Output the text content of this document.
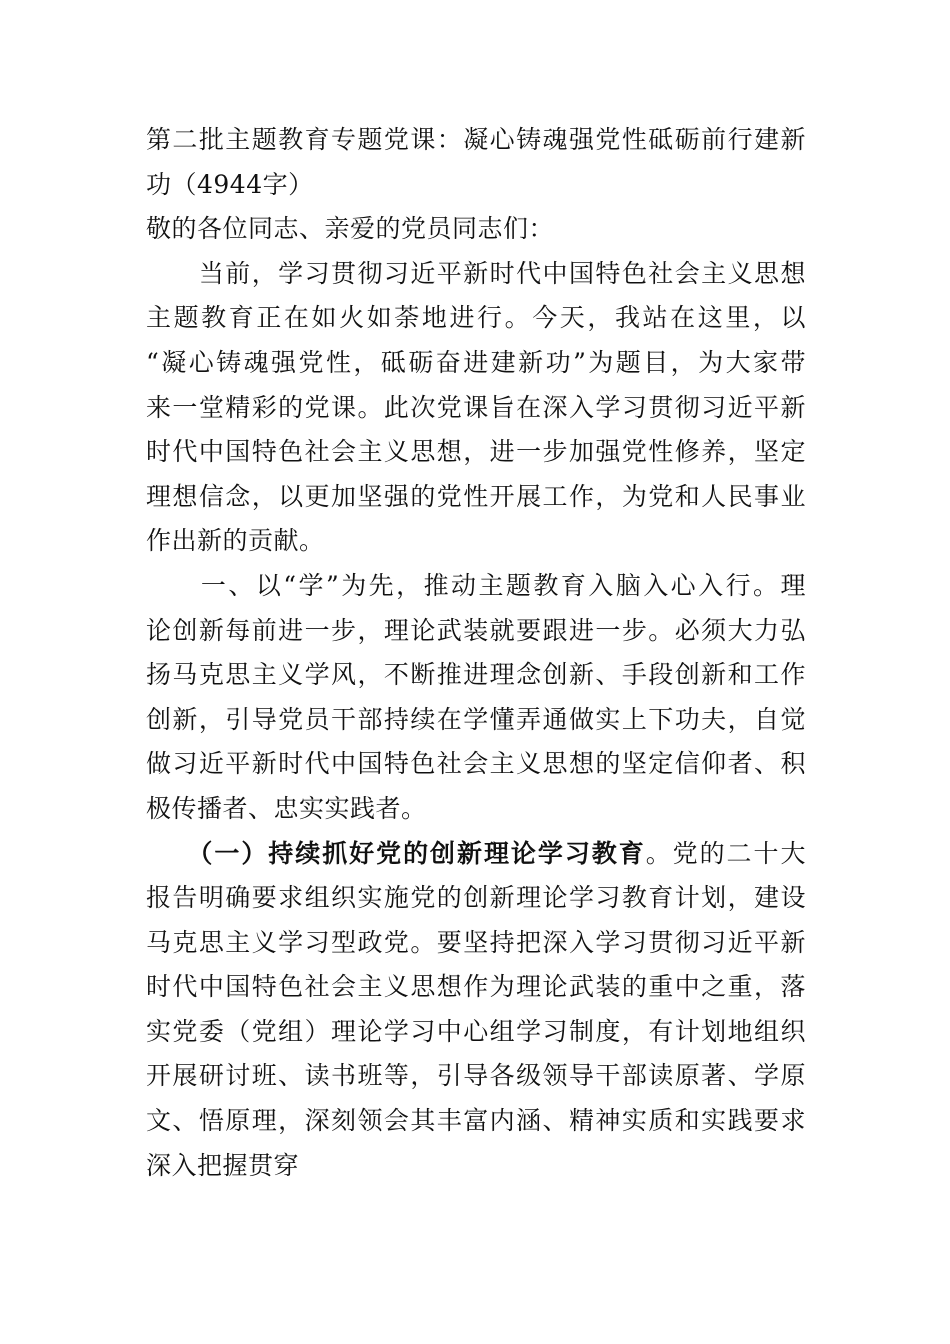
第二批主题教育专题党课：凝心铸魂强党性砥砺前行建新
功（4944字）
敬的各位同志、亲爱的党员同志们：
　　当前，学习贯彻习近平新时代中国特色社会主义思想
主题教育正在如火如荼地进行。今天，我站在这里，以
“凝心铸魂强党性，砥砺奋进建新功”为题目，为大家带
来一堂精彩的党课。此次党课旨在深入学习贯彻习近平新
时代中国特色社会主义思想，进一步加强党性修养，坚定
理想信念，以更加坚强的党性开展工作，为党和人民事业
作出新的贡献。
　　一、以“学”为先，推动主题教育入脑入心入行。理
论创新每前进一步，理论武装就要跟进一步。必须大力弘
扬马克思主义学风，不断推进理念创新、手段创新和工作
创新，引导党员干部持续在学懂弄通做实上下功夫，自觉
做习近平新时代中国特色社会主义思想的坚定信仰者、积
极传播者、忠实实践者。
　　（一）持续抓好党的创新理论学习教育。党的二十大
报告明确要求组织实施党的创新理论学习教育计划，建设
马克思主义学习型政党。要坚持把深入学习贯彻习近平新
时代中国特色社会主义思想作为理论武装的重中之重，落
实党委（党组）理论学习中心组学习制度，有计划地组织
开展研讨班、读书班等，引导各级领导干部读原著、学原
文、悟原理，深刻领会其丰富内涵、精神实质和实践要求
深入把握贯穿
